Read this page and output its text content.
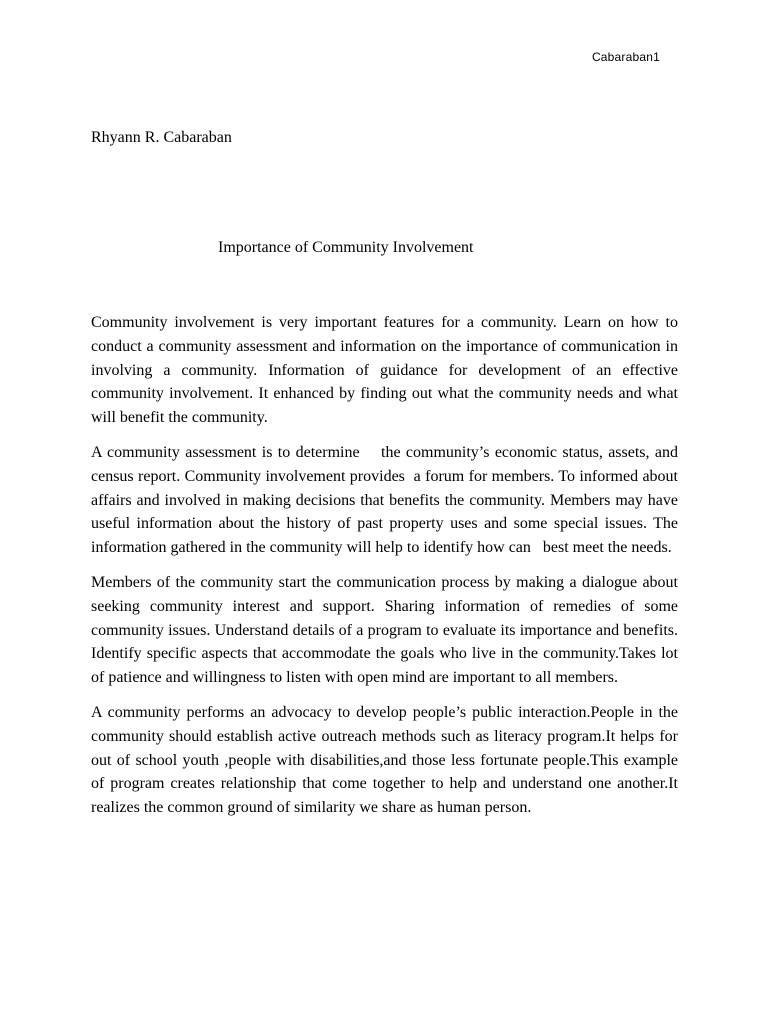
Cabaraban1
Rhyann R. Cabaraban
Importance of Community Involvement

Community involvement is very important features for a community. Learn on how to conduct a community assessment and information on the importance of communication in involving a community. Information of guidance for development of an effective community involvement. It enhanced by finding out what the community needs and what will benefit the community.

A community assessment is to determine    the community’s economic status, assets, and census report. Community involvement provides  a forum for members. To informed about affairs and involved in making decisions that benefits the community. Members may have useful information about the history of past property uses and some special issues. The information gathered in the community will help to identify how can   best meet the needs.

Members of the community start the communication process by making a dialogue about seeking community interest and support. Sharing information of remedies of some community issues. Understand details of a program to evaluate its importance and benefits. Identify specific aspects that accommodate the goals who live in the community.Takes lot of patience and willingness to listen with open mind are important to all members.

A community performs an advocacy to develop people’s public interaction.People in the community should establish active outreach methods such as literacy program.It helps for out of school youth ,people with disabilities,and those less fortunate people.This example of program creates relationship that come together to help and understand one another.It realizes the common ground of similarity we share as human person.
